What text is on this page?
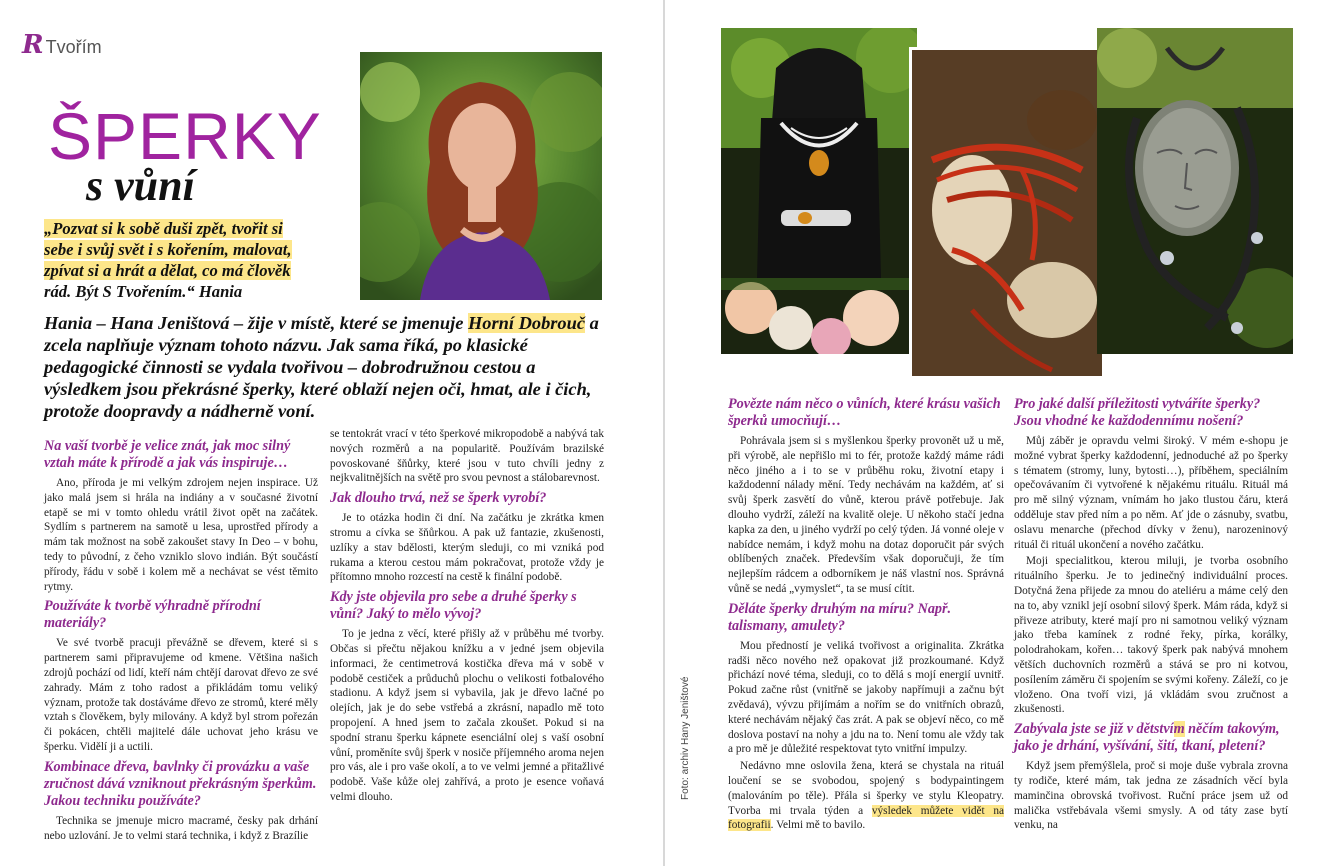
R Tvořím
ŠPERKY
s vůní
„Pozvat si k sobě duši zpět, tvořit si
sebe i svůj svět i s kořením, malovat,
zpívat si a hrát a dělat, co má člověk
rád. Být S Tvořením.“ Hania
Hania – Hana Jeništová – žije v místě, které se jmenuje Horní Dobrouč a zcela naplňuje význam tohoto názvu. Jak sama říká, po klasické pedagogické činnosti se vydala tvořivou – dobrodružnou cestou a výsledkem jsou překrásné šperky, které oblaží nejen oči, hmat, ale i čich, protože doopravdy a nádherně voní.
Na vaší tvorbě je velice znát, jak moc silný vztah máte k přírodě a jak vás inspiruje…

Ano, příroda je mi velkým zdrojem nejen inspirace. Už jako malá jsem si hrála na indiány a v současné životní etapě se mi v tomto ohledu vrátil život opět na začátek. Sydlím s partnerem na samotě u lesa, uprostřed přírody a mám tak možnost na sobě zakoušet stavy In Deo – v bohu, tedy to původní, z čeho vzniklo slovo indián. Být součástí přírody, řádu v sobě i kolem mě a nechávat se vést těmito rytmy.

Používáte k tvorbě výhradně přírodní materiály?

Ve své tvorbě pracuji převážně se dřevem, které si s partnerem sami připravujeme od kmene. Většina našich zdrojů pochází od lidí, kteří nám chtějí darovat dřevo ze své zahrady. Mám z toho radost a přikládám tomu veliký význam, protože tak dostáváme dřevo ze stromů, které měly vztah s člověkem, byly milovány. A když byl strom pořezán či pokácen, chtěli majitelé dále uchovat jeho krásu ve šperku. Vidělí ji a uctili.

Kombinace dřeva, bavlnky či provázku a vaše zručnost dává vzniknout překrásným šperkům. Jakou techniku používáte?

Technika se jmenuje micro macramé, česky pak drhání nebo uzlování. Je to velmi stará technika, i když z Brazílie

se tentokrát vrací v této šperkové mikropodobě a nabývá tak nových rozměrů a na popularitě. Používám brazilské povoskované šňůrky, které jsou v tuto chvíli jedny z nejkvalitnějších na světě pro svou pevnost a stálobarevnost.

Jak dlouho trvá, než se šperk vyrobí?

Je to otázka hodin či dní. Na začátku je zkrátka kmen stromu a cívka se šňůrkou. A pak už fantazie, zkušenosti, uzlíky a stav bdělosti, kterým sleduji, co mi vzniká pod rukama a kterou cestou mám pokračovat, protože vždy je přítomno mnoho rozcestí na cestě k finální podobě.

Kdy jste objevila pro sebe a druhé šperky s vůní? Jaký to mělo vývoj?

To je jedna z věcí, které přišly až v průběhu mé tvorby. Občas si přečtu nějakou knížku a v jedné jsem objevila informaci, že centimetrová kostička dřeva má v sobě v podobě cestiček a průduchů plochu o velikosti fotbalového stadionu. A když jsem si vybavila, jak je dřevo lačné po olejích, jak je do sebe vstřebá a zkrásní, napadlo mě toto propojení. A hned jsem to začala zkoušet. Pokud si na spodní stranu šperku kápnete esenciální olej s vaší osobní vůní, proměníte svůj šperk v nosiče příjemného aroma nejen pro vás, ale i pro vaše okolí, a to ve velmi jemné a přitažlivé podobě. Vaše kůže olej zahřívá, a proto je esence voňavá velmi dlouho.	Foto: archiv Hany Jeništové
Povězte nám něco o vůních, které krásu vašich šperků umocňují…

Pohrávala jsem si s myšlenkou šperky provonět už u mě, při výrobě, ale nepřišlo mi to fér, protože každý máme rádi něco jiného a i to se v průběhu roku, životní etapy i každodenní nálady mění. Tedy nechávám na každém, ať si svůj šperk zasvětí do vůně, kterou právě potřebuje. Jak dlouho vydrží, záleží na kvalitě oleje. U někoho stačí jedna kapka za den, u jiného vydrží po celý týden. Já vonné oleje v nabídce nemám, i když mohu na dotaz doporučit pár svých oblíbených značek. Především však doporučuji, že tím nejlepším rádcem a odborníkem je náš vlastní nos. Správná vůně se nedá „vymyslet“, ta se musí cítit.

Děláte šperky druhým na míru? Např. talismany, amulety?

Mou předností je veliká tvořivost a originalita. Zkrátka radši něco nového než opakovat již prozkoumané. Když přichází nové téma, sleduji, co to dělá s mojí energií uvnitř. Pokud začne růst (vnitřně se jakoby napřímuji a začnu být zvědavá), vývzu přijímám a nořím se do vnitřních obrazů, které nechávám nějaký čas zrát. A pak se objeví něco, co mě doslova postaví na nohy a jdu na to. Není tomu ale vždy tak a pro mě je důležité respektovat tyto vnitřní impulzy.

Nedávno mne oslovila žena, která se chystala na rituál loučení se se svobodou, spojený s bodypaintingem (malováním po těle). Přála si šperky ve stylu Kleopatry. Tvorba mi trvala týden a výsledek můžete vidět na fotografii. Velmi mě to bavilo.

Pro jaké další příležitosti vytváříte šperky? Jsou vhodné ke každodennímu nošení?

Můj záběr je opravdu velmi široký. V mém e-shopu je možné vybrat šperky každodenní, jednoduché až po šperky s tématem (stromy, luny, bytosti…), příběhem, speciálním opečovávaním či vytvořené k nějakému rituálu. Rituál má pro mě silný význam, vnímám ho jako tlustou čáru, která odděluje stav před ním a po něm. Ať jde o zásnuby, svatbu, oslavu menarche (přechod dívky v ženu), narozeninový rituál či rituál ukončení a nového začátku.

Moji specialitkou, kterou miluji, je tvorba osobního rituálního šperku. Je to jedinečný individuální proces. Dotyčná žena přijede za mnou do ateliéru a máme celý den na to, aby vznikl její osobní silový šperk. Mám ráda, když si přiveze atributy, které mají pro ni samotnou veliký význam jako třeba kamínek z rodné řeky, pírka, korálky, polodrahokam, kořen… takový šperk pak nabývá mnohem větších duchovních rozměrů a stává se pro ni kotvou, posílením záměru či spojením se svými kořeny. Záleží, co je vloženo. Ona tvoří vizi, já vkládám svou zručnost a zkušenosti.

Zabývala jste se již v dětstvím něčím takovým, jako je drhání, vyšívání, šití, tkaní, pletení?

Když jsem přemýšlela, proč si moje duše vybrala zrovna ty rodiče, které mám, tak jedna ze zásadních věcí byla maminčina obrovská tvořivost. Ruční práce jsem už od malička vstřebávala všemi smysly. A od táty zase bytí venku, na
